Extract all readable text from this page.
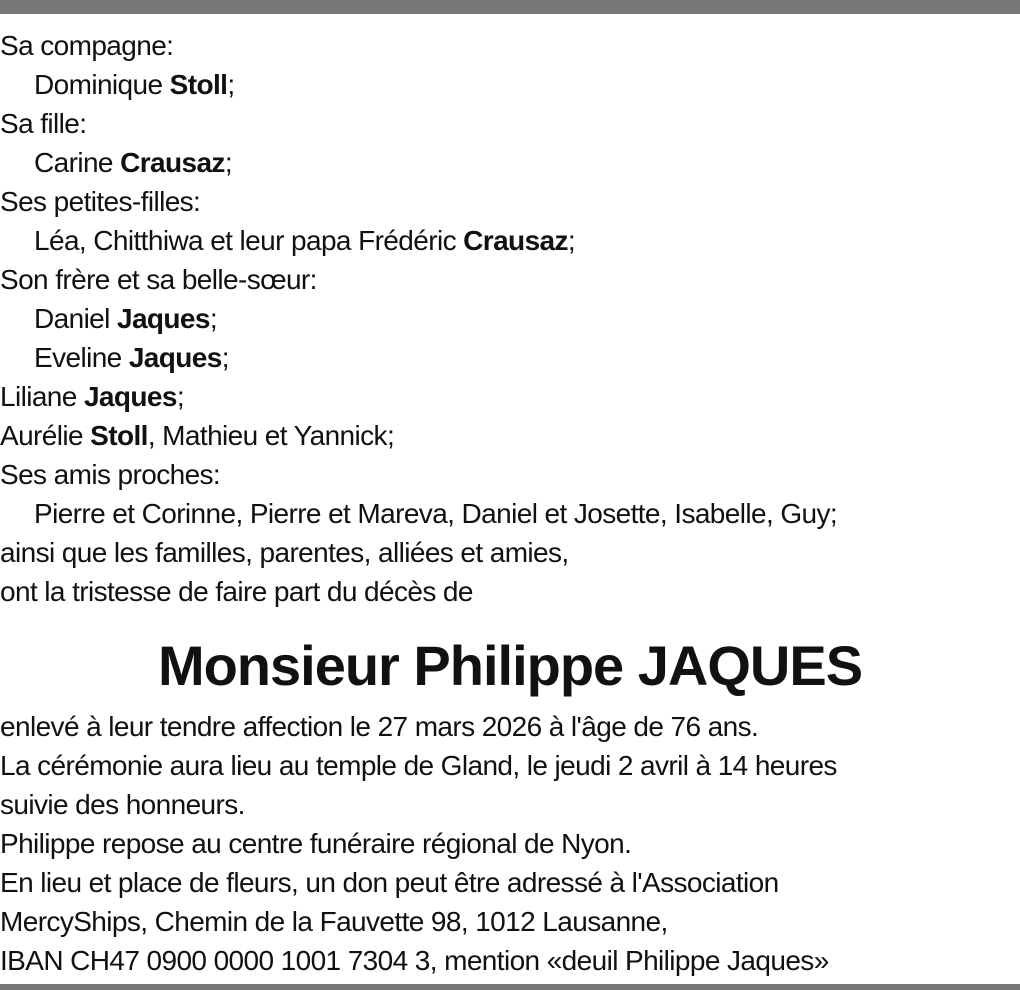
Sa compagne:
Dominique Stoll;
Sa fille:
Carine Crausaz;
Ses petites-filles:
Léa, Chitthiwa et leur papa Frédéric Crausaz;
Son frère et sa belle-sœur:
Daniel Jaques;
Eveline Jaques;
Liliane Jaques;
Aurélie Stoll, Mathieu et Yannick;
Ses amis proches:
Pierre et Corinne, Pierre et Mareva, Daniel et Josette, Isabelle, Guy;
ainsi que les familles, parentes, alliées et amies,
ont la tristesse de faire part du décès de
Monsieur Philippe JAQUES
enlevé à leur tendre affection le 27 mars 2026 à l'âge de 76 ans.
La cérémonie aura lieu au temple de Gland, le jeudi 2 avril à 14 heures
suivie des honneurs.
Philippe repose au centre funéraire régional de Nyon.
En lieu et place de fleurs, un don peut être adressé à l'Association
MercyShips, Chemin de la Fauvette 98, 1012 Lausanne,
IBAN CH47 0900 0000 1001 7304 3, mention «deuil Philippe Jaques»
